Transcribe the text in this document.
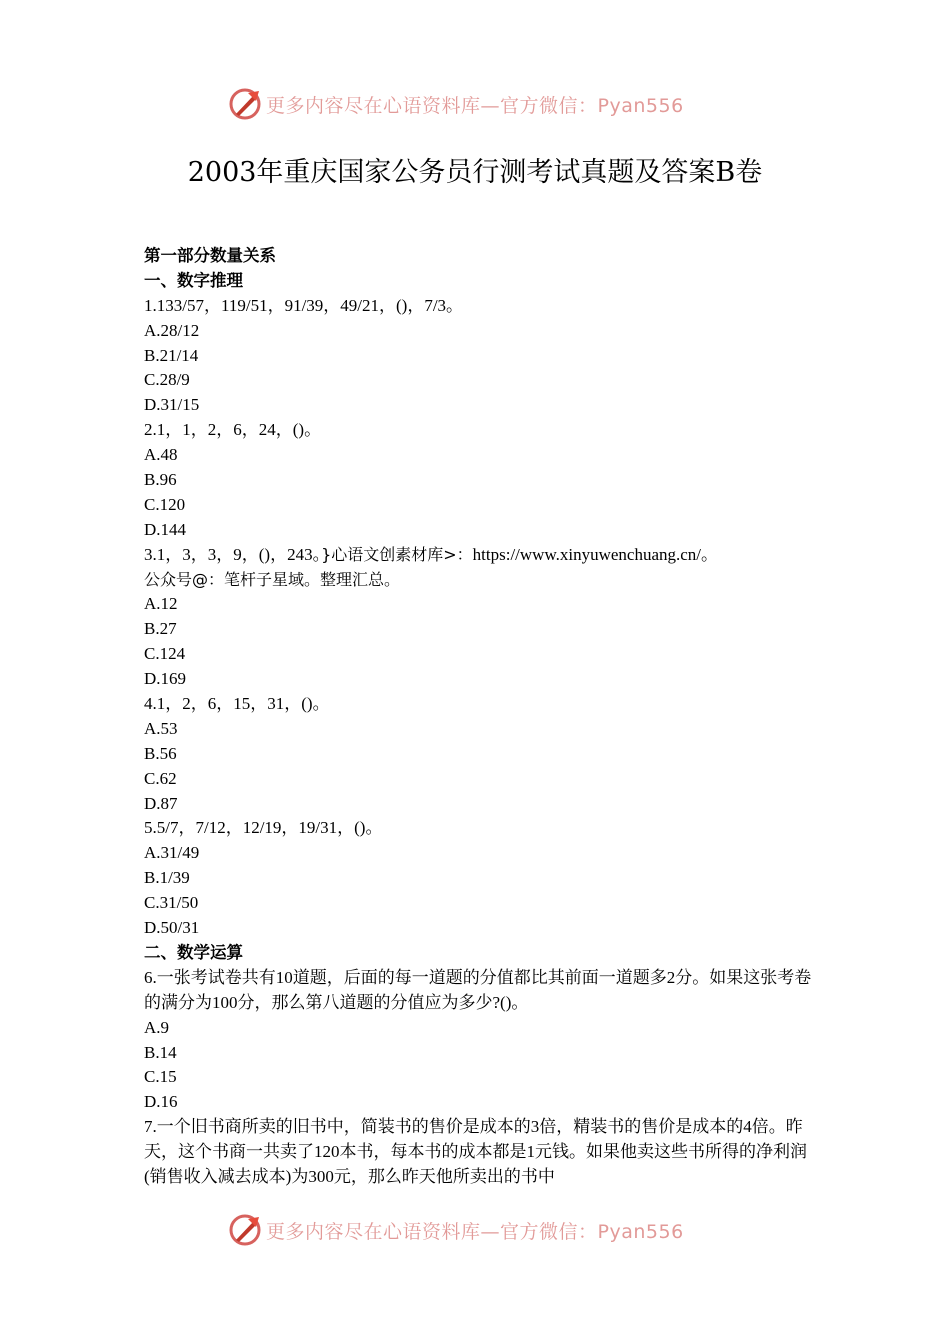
更多内容尽在心语资料库—官方微信：Pyan556
2003年重庆国家公务员行测考试真题及答案B卷
第一部分数量关系
一、数字推理
1.133/57，119/51，91/39，49/21，()，7/3。
A.28/12
B.21/14
C.28/9
D.31/15
2.1，1，2，6，24，()。
A.48
B.96
C.120
D.144
3.1，3，3，9，()，243。}心语文创素材库>：https://www.xinyuwenchuang.cn/。
公众号@：笔杆子星域。整理汇总。
A.12
B.27
C.124
D.169
4.1，2，6，15，31，()。
A.53
B.56
C.62
D.87
5.5/7，7/12，12/19，19/31，()。
A.31/49
B.1/39
C.31/50
D.50/31
二、数学运算
6.一张考试卷共有10道题，后面的每一道题的分值都比其前面一道题多2分。如果这张考卷的满分为100分，那么第八道题的分值应为多少?()。
A.9
B.14
C.15
D.16
7.一个旧书商所卖的旧书中，简装书的售价是成本的3倍，精装书的售价是成本的4倍。昨天，这个书商一共卖了120本书，每本书的成本都是1元钱。如果他卖这些书所得的净利润(销售收入减去成本)为300元，那么昨天他所卖出的书中
更多内容尽在心语资料库—官方微信：Pyan556
